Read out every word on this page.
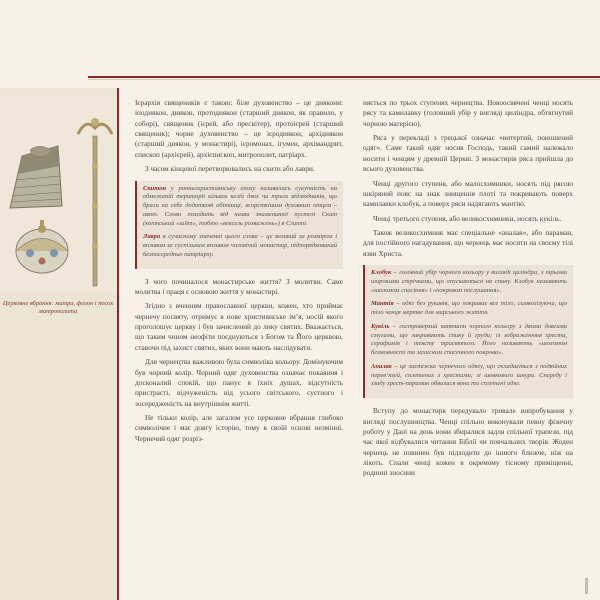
Церковне вбрання: митра, фелон і посох митрополита

Ієрархія священиків є такою: біле духовенство – це диякони: іподиякон, диякон, протодиякон (старший диякон, як правило, у соборі), священик (ієрей, або пресвітер), протоієрей (старший священик); чорне духовенство – це ієродиякон, архідиякон (старший диякон, у монастирі), ієромонах, ігумен, архімандрит, єпископ (архієрей), архієпископ, митрополит, патріарх.

З часом кінцевої перетворювались на скити або лаври.

Скитон у ранньохристиянську епоху називалась сукупність на обмеженій території кількох келій двох чи трьох відлюдників, що брали на себе додаткові обітниці, жорсткішим духовним отцем – авою. Слово походить від назви знаменитої пустелі Скит (коптський «шіїт», тобто «вексель розважень») в Єгипті.

Лавра в сучасному значенні цього слова – це великий за розміром і впливом за суспільним впливом чоловічий монастир, підпорядкований безпосередньо патріарху.

З чого починалося монастирське життя? З молитви. Саме молитва і праця є основою життя у монастирі.

Згідно з вченням православної церкви, кожен, хто приймає чернечу посвяту, отримує в нове християнське ім’я, носій якого проголошує церкву і був зачислений до лику святих. Вважається, що таким чином неофіти поєднуються з Богом та Його церквою, ставочи під захист святих, яких вони мають наслідувати.

Для чернецтва важливою була символіка кольору. Домінуючим був чорний колір. Чорний одяг духовенства означає покаяння і досконалий спокій, що панує в їхніх душах, відсутність пристрасті, відчуженість від усього світського, суєтного і зосередженість на внутрішнім житті.

Не тільки колір, але загалом усе церковне вбрання глибоко символічне і має довгу історію, тому в своїй основі незмінні. Чернечий одяг розріз-

няється по трьох ступенях чернецтва. Новоосвячені ченці носять рясу та камилавку (головний убір у вигляді циліндра, обтягнутий чорною матерією).

Ряса у перекладі з грецької означає «витертий, поношений одяг». Саме такий одяг носив Господь, такий самий належало носити і ченцям у древній Церкві. З монастирів ряса прийшла до всього духовенства.

Ченці другого ступеня, або малосхимники, носять під рясою шкіряний пояс на знак знищення плоті та покривають поверх камилавки клобук, а поверх ряси надягають мантію.

Ченці третього ступеня, або великосхимники, носять кукіль.

Також великосхимник має спеціальне «аналав», або параман, для постійного нагадування, що чернець має носити на своєму тілі язви Христа.

Клобук – головний убір чорного кольору у вигляді циліндра, з трьома широкими стрічками, що опускаються на спину. Клобук називають «шоломом спасіння» і «покровом послушання».

Мантія – одяг без рукавів, що покриває все тіло, символізуючи, що тіло ченця мертве для мирського життя.

Кукіль – гостроверхий капюшон чорного кольору з двома довгими смугами, що закривають спину й груди; із зображенням хреста, серафимів і тексту трисвятого. Його називають «шоломом безмовності та захисним спасенного покрова».

Аналав – це застiжка чернечого одягу, що складається з подвійних перев’язей, сплетених з хрестами; зі шовкового шнура. Спереду і ззаду хрест-параман обвилися вони та сплетені одяг.

Вступу до монастиря передувало тривале випробування у вигляді послушництва. Ченці спільно виконували певну фізичну роботу у Дані на день вони збиралися задля спільної трапези, під час якої відбувалися читання Біблії чи повчальних творів. Жоден чернець не повинен був підходити до іншого ближче, ніж на лікоть. Спали ченці кожен в окремому тісному приміщенні, родинні зносини
